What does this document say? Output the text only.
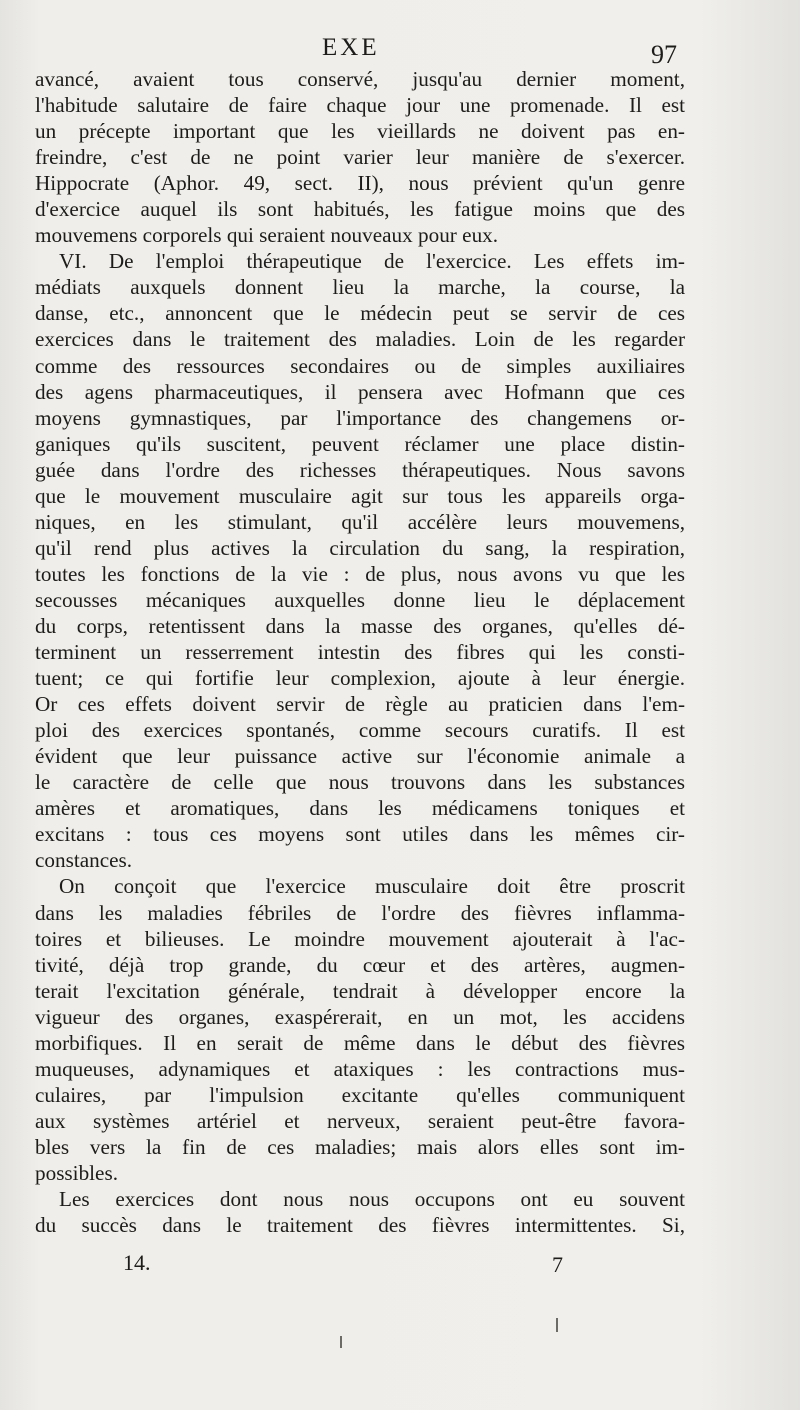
EXE	97
avancé, avaient tous conservé, jusqu'au dernier moment,
l'habitude salutaire de faire chaque jour une promenade. Il est
un précepte important que les vieillards ne doivent pas en-
freindre, c'est de ne point varier leur manière de s'exercer.
Hippocrate (Aphor. 49, sect. II), nous prévient qu'un genre
d'exercice auquel ils sont habitués, les fatigue moins que des
mouvemens corporels qui seraient nouveaux pour eux.
VI. De l'emploi thérapeutique de l'exercice. Les effets im-
médiats auxquels donnent lieu la marche, la course, la
danse, etc., annoncent que le médecin peut se servir de ces
exercices dans le traitement des maladies. Loin de les regarder
comme des ressources secondaires ou de simples auxiliaires
des agens pharmaceutiques, il pensera avec Hofmann que ces
moyens gymnastiques, par l'importance des changemens or-
ganiques qu'ils suscitent, peuvent réclamer une place distin-
guée dans l'ordre des richesses thérapeutiques. Nous savons
que le mouvement musculaire agit sur tous les appareils orga-
niques, en les stimulant, qu'il accélère leurs mouvemens,
qu'il rend plus actives la circulation du sang, la respiration,
toutes les fonctions de la vie : de plus, nous avons vu que les
secousses mécaniques auxquelles donne lieu le déplacement
du corps, retentissent dans la masse des organes, qu'elles dé-
terminent un resserrement intestin des fibres qui les consti-
tuent; ce qui fortifie leur complexion, ajoute à leur énergie.
Or ces effets doivent servir de règle au praticien dans l'em-
ploi des exercices spontanés, comme secours curatifs. Il est
évident que leur puissance active sur l'économie animale a
le caractère de celle que nous trouvons dans les substances
amères et aromatiques, dans les médicamens toniques et
excitans : tous ces moyens sont utiles dans les mêmes cir-
constances.
On conçoit que l'exercice musculaire doit être proscrit
dans les maladies fébriles de l'ordre des fièvres inflamma-
toires et bilieuses. Le moindre mouvement ajouterait à l'ac-
tivité, déjà trop grande, du cœur et des artères, augmen-
terait l'excitation générale, tendrait à développer encore la
vigueur des organes, exaspérerait, en un mot, les accidens
morbifiques. Il en serait de même dans le début des fièvres
muqueuses, adynamiques et ataxiques : les contractions mus-
culaires, par l'impulsion excitante qu'elles communiquent
aux systèmes artériel et nerveux, seraient peut-être favora-
bles vers la fin de ces maladies; mais alors elles sont im-
possibles.
Les exercices dont nous nous occupons ont eu souvent
du succès dans le traitement des fièvres intermittentes. Si,
14.	7
